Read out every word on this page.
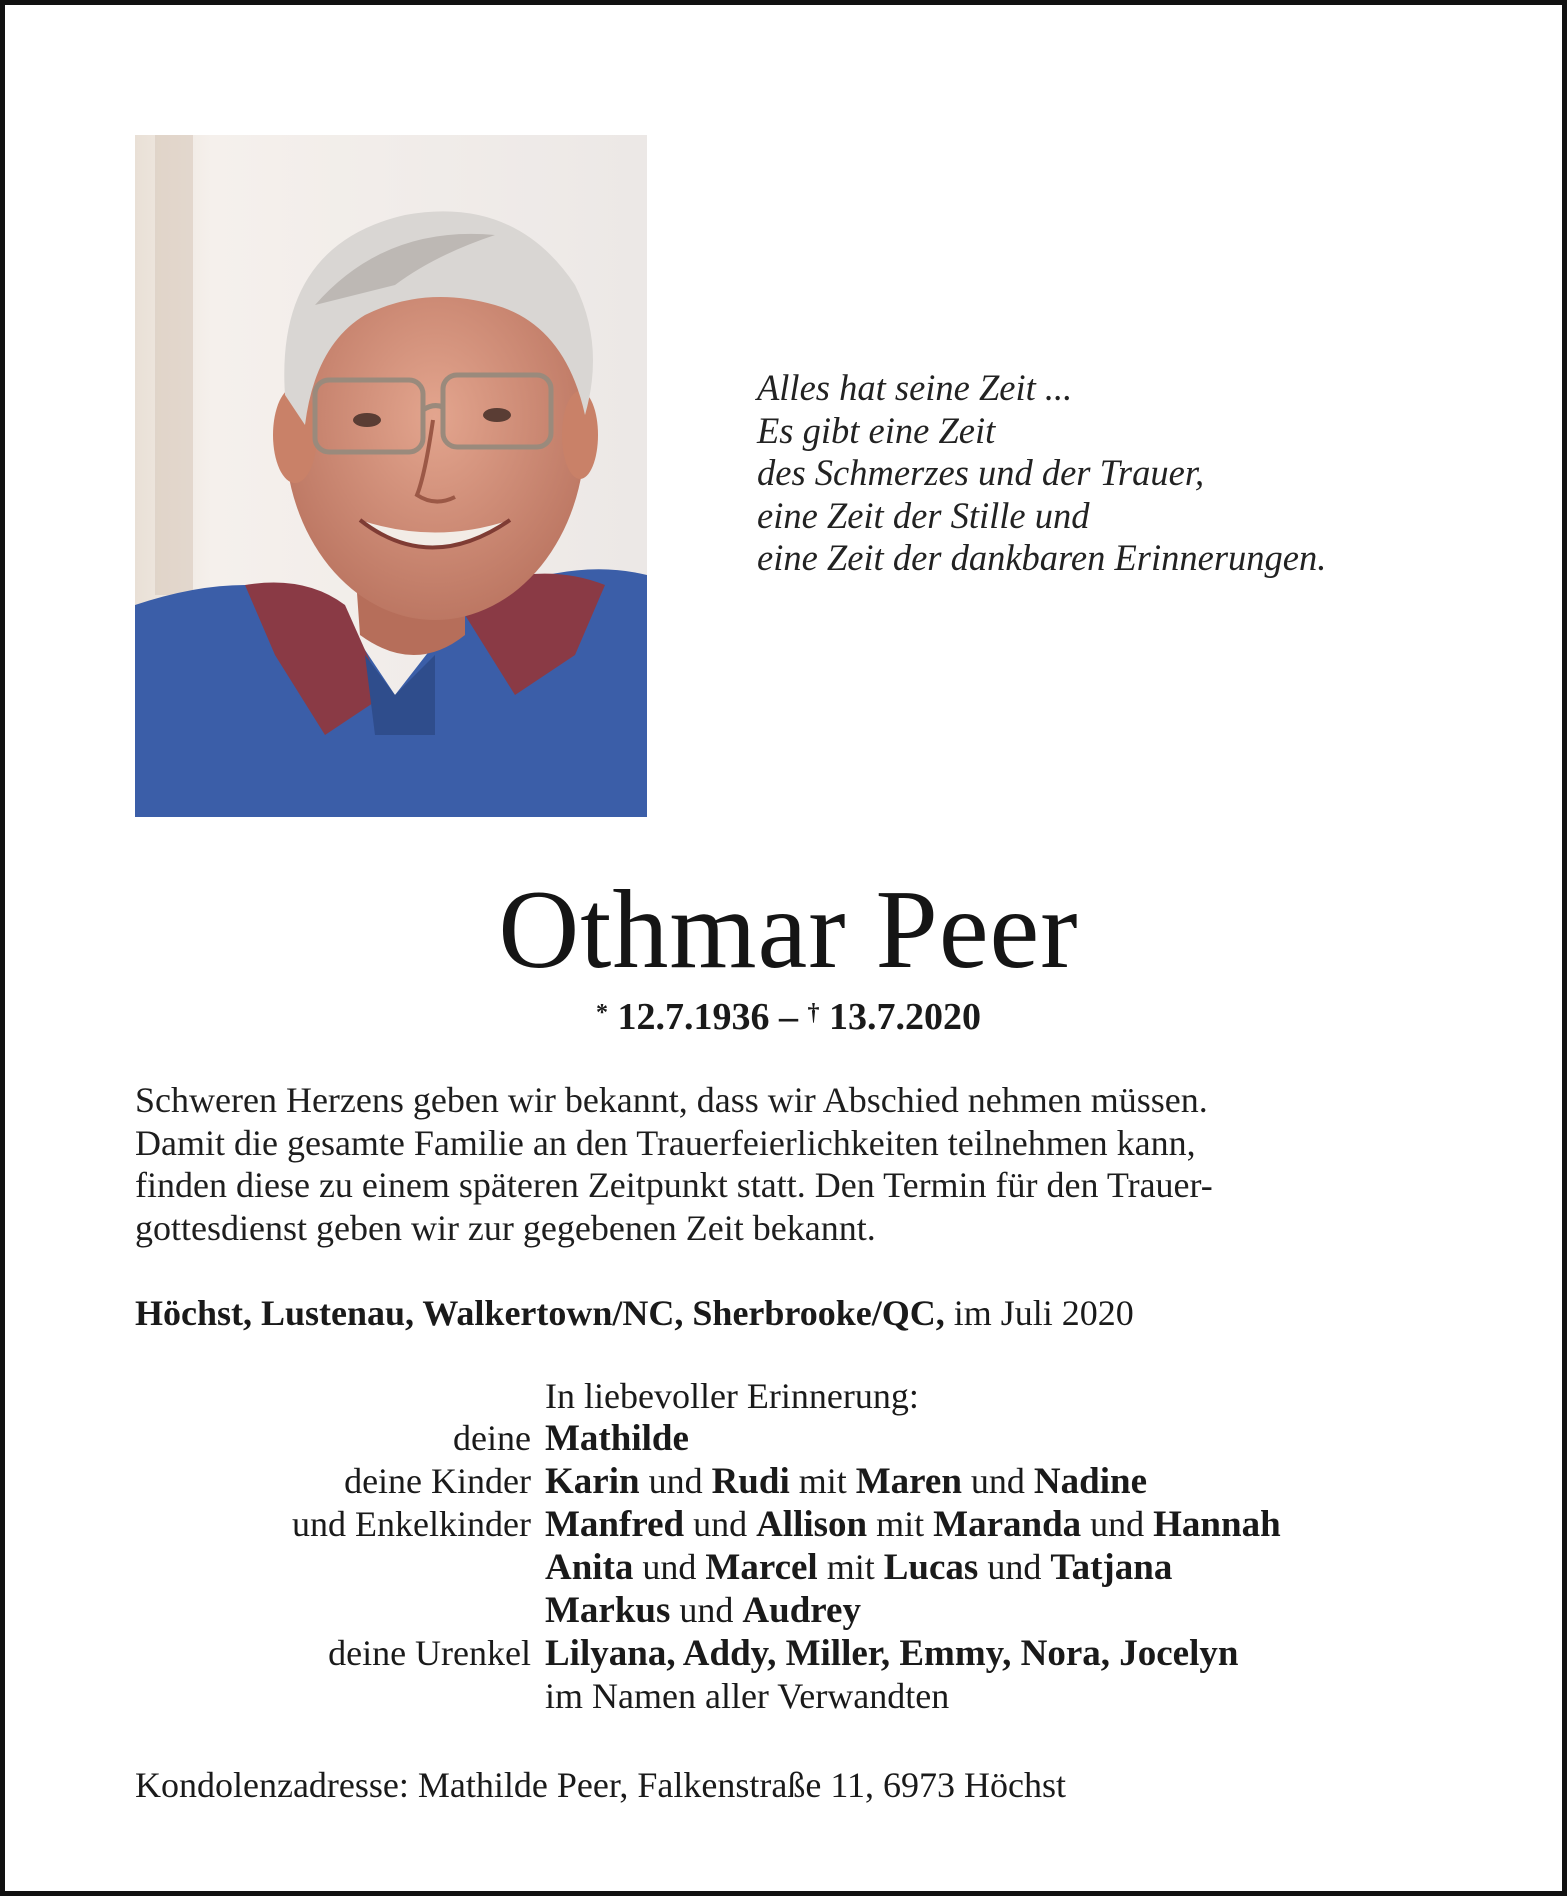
Alles hat seine Zeit ...
Es gibt eine Zeit
des Schmerzes und der Trauer,
eine Zeit der Stille und
eine Zeit der dankbaren Erinnerungen.
Othmar Peer
* 12.7.1936 – † 13.7.2020
Schweren Herzens geben wir bekannt, dass wir Abschied nehmen müssen.
Damit die gesamte Familie an den Trauerfeierlichkeiten teilnehmen kann,
finden diese zu einem späteren Zeitpunkt statt. Den Termin für den Trauer-
gottesdienst geben wir zur gegebenen Zeit bekannt.
Höchst, Lustenau, Walkertown/NC, Sherbrooke/QC, im Juli 2020
In liebevoller Erinnerung:
deine Mathilde
deine Kinder Karin und Rudi mit Maren und Nadine
und Enkelkinder Manfred und Allison mit Maranda und Hannah
Anita und Marcel mit Lucas und Tatjana
Markus und Audrey
deine Urenkel Lilyana, Addy, Miller, Emmy, Nora, Jocelyn
im Namen aller Verwandten
Kondolenzadresse: Mathilde Peer, Falkenstraße 11, 6973 Höchst
